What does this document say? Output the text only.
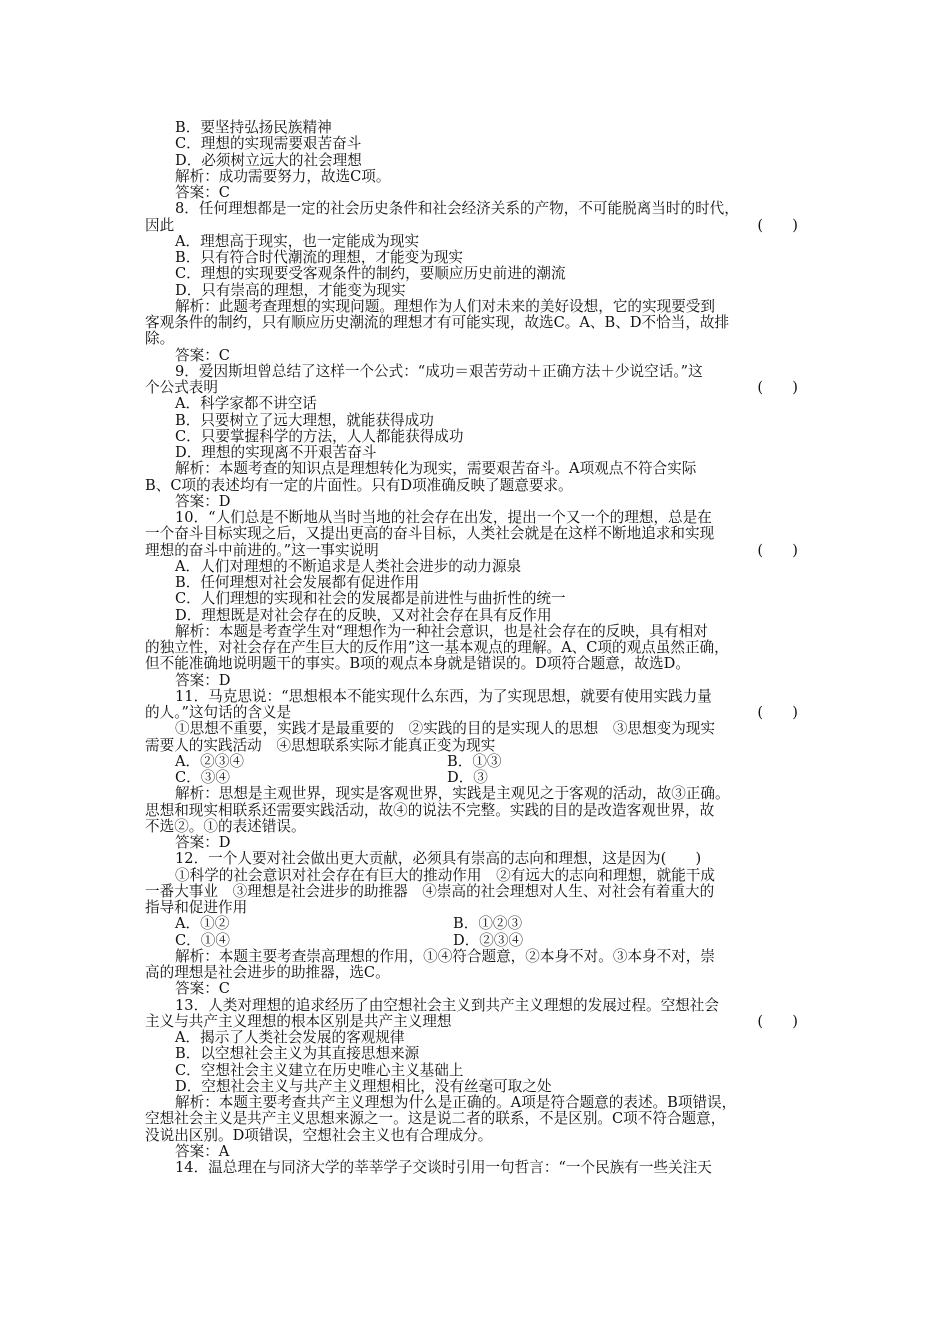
B．要坚持弘扬民族精神
C．理想的实现需要艰苦奋斗
D．必须树立远大的社会理想
解析：成功需要努力，故选C项。
答案：C
8．任何理想都是一定的社会历史条件和社会经济关系的产物，不可能脱离当时的时代，
因此	(　　)
A．理想高于现实，也一定能成为现实
B．只有符合时代潮流的理想，才能变为现实
C．理想的实现要受客观条件的制约，要顺应历史前进的潮流
D．只有崇高的理想，才能变为现实
解析：此题考查理想的实现问题。理想作为人们对未来的美好设想，它的实现要受到
客观条件的制约，只有顺应历史潮流的理想才有可能实现，故选C。A、B、D不恰当，故排
除。
答案：C
9．爱因斯坦曾总结了这样一个公式：“成功＝艰苦劳动＋正确方法＋少说空话。”这
个公式表明	(　　)
A．科学家都不讲空话
B．只要树立了远大理想，就能获得成功
C．只要掌握科学的方法，人人都能获得成功
D．理想的实现离不开艰苦奋斗
解析：本题考查的知识点是理想转化为现实，需要艰苦奋斗。A项观点不符合实际
B、C项的表述均有一定的片面性。只有D项准确反映了题意要求。
答案：D
10．“人们总是不断地从当时当地的社会存在出发，提出一个又一个的理想，总是在
一个奋斗目标实现之后，又提出更高的奋斗目标，人类社会就是在这样不断地追求和实现
理想的奋斗中前进的。”这一事实说明	(　　)
A．人们对理想的不断追求是人类社会进步的动力源泉
B．任何理想对社会发展都有促进作用
C．人们理想的实现和社会的发展都是前进性与曲折性的统一
D．理想既是对社会存在的反映，又对社会存在具有反作用
解析：本题是考查学生对“理想作为一种社会意识，也是社会存在的反映，具有相对
的独立性，对社会存在产生巨大的反作用”这一基本观点的理解。A、C项的观点虽然正确，
但不能准确地说明题干的事实。B项的观点本身就是错误的。D项符合题意，故选D。
答案：D
11．马克思说：“思想根本不能实现什么东西，为了实现思想，就要有使用实践力量
的人。”这句话的含义是	(　　)
①思想不重要，实践才是最重要的　②实践的目的是实现人的思想　③思想变为现实
需要人的实践活动　④思想联系实际才能真正变为现实
A．②③④	B．①③
C．③④	D．③
解析：思想是主观世界，现实是客观世界，实践是主观见之于客观的活动，故③正确。
思想和现实相联系还需要实践活动，故④的说法不完整。实践的目的是改造客观世界，故
不选②。①的表述错误。
答案：D
12．一个人要对社会做出更大贡献，必须具有崇高的志向和理想，这是因为(　　)
①科学的社会意识对社会存在有巨大的推动作用　②有远大的志向和理想，就能干成
一番大事业　③理想是社会进步的助推器　④崇高的社会理想对人生、对社会有着重大的
指导和促进作用
A．①②	B．①②③
C．①④	D．②③④
解析：本题主要考查崇高理想的作用，①④符合题意，②本身不对。③本身不对，崇
高的理想是社会进步的助推器，选C。
答案：C
13．人类对理想的追求经历了由空想社会主义到共产主义理想的发展过程。空想社会
主义与共产主义理想的根本区别是共产主义理想	(　　)
A．揭示了人类社会发展的客观规律
B．以空想社会主义为其直接思想来源
C．空想社会主义建立在历史唯心主义基础上
D．空想社会主义与共产主义理想相比，没有丝毫可取之处
解析：本题主要考查共产主义理想为什么是正确的。A项是符合题意的表述。B项错误，
空想社会主义是共产主义思想来源之一。这是说二者的联系，不是区别。C项不符合题意，
没说出区别。D项错误，空想社会主义也有合理成分。
答案：A
14．温总理在与同济大学的莘莘学子交谈时引用一句哲言：“一个民族有一些关注天
